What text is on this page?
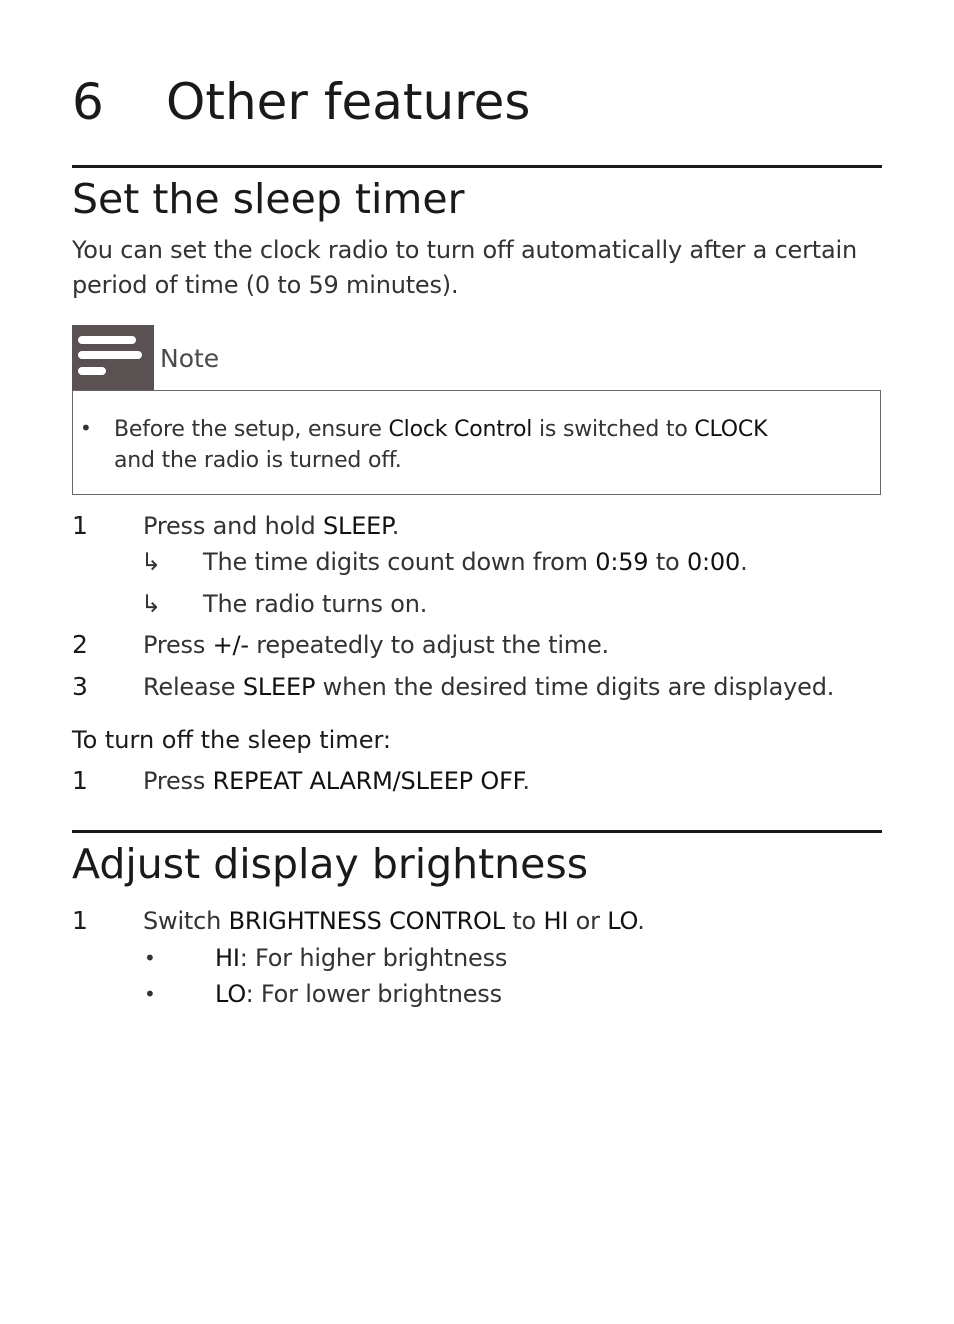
6 Other features
Set the sleep timer
You can set the clock radio to turn off automatically after a certain
period of time (0 to 59 minutes).
Note
• Before the setup, ensure Clock Control is switched to CLOCK
and the radio is turned off.
1 Press and hold SLEEP.
↳ The time digits count down from 0:59 to 0:00.
↳ The radio turns on.
2 Press +/- repeatedly to adjust the time.
3 Release SLEEP when the desired time digits are displayed.
To turn off the sleep timer:
1 Press REPEAT ALARM/SLEEP OFF.
Adjust display brightness
1 Switch BRIGHTNESS CONTROL to HI or LO.
• HI: For higher brightness
• LO: For lower brightness
